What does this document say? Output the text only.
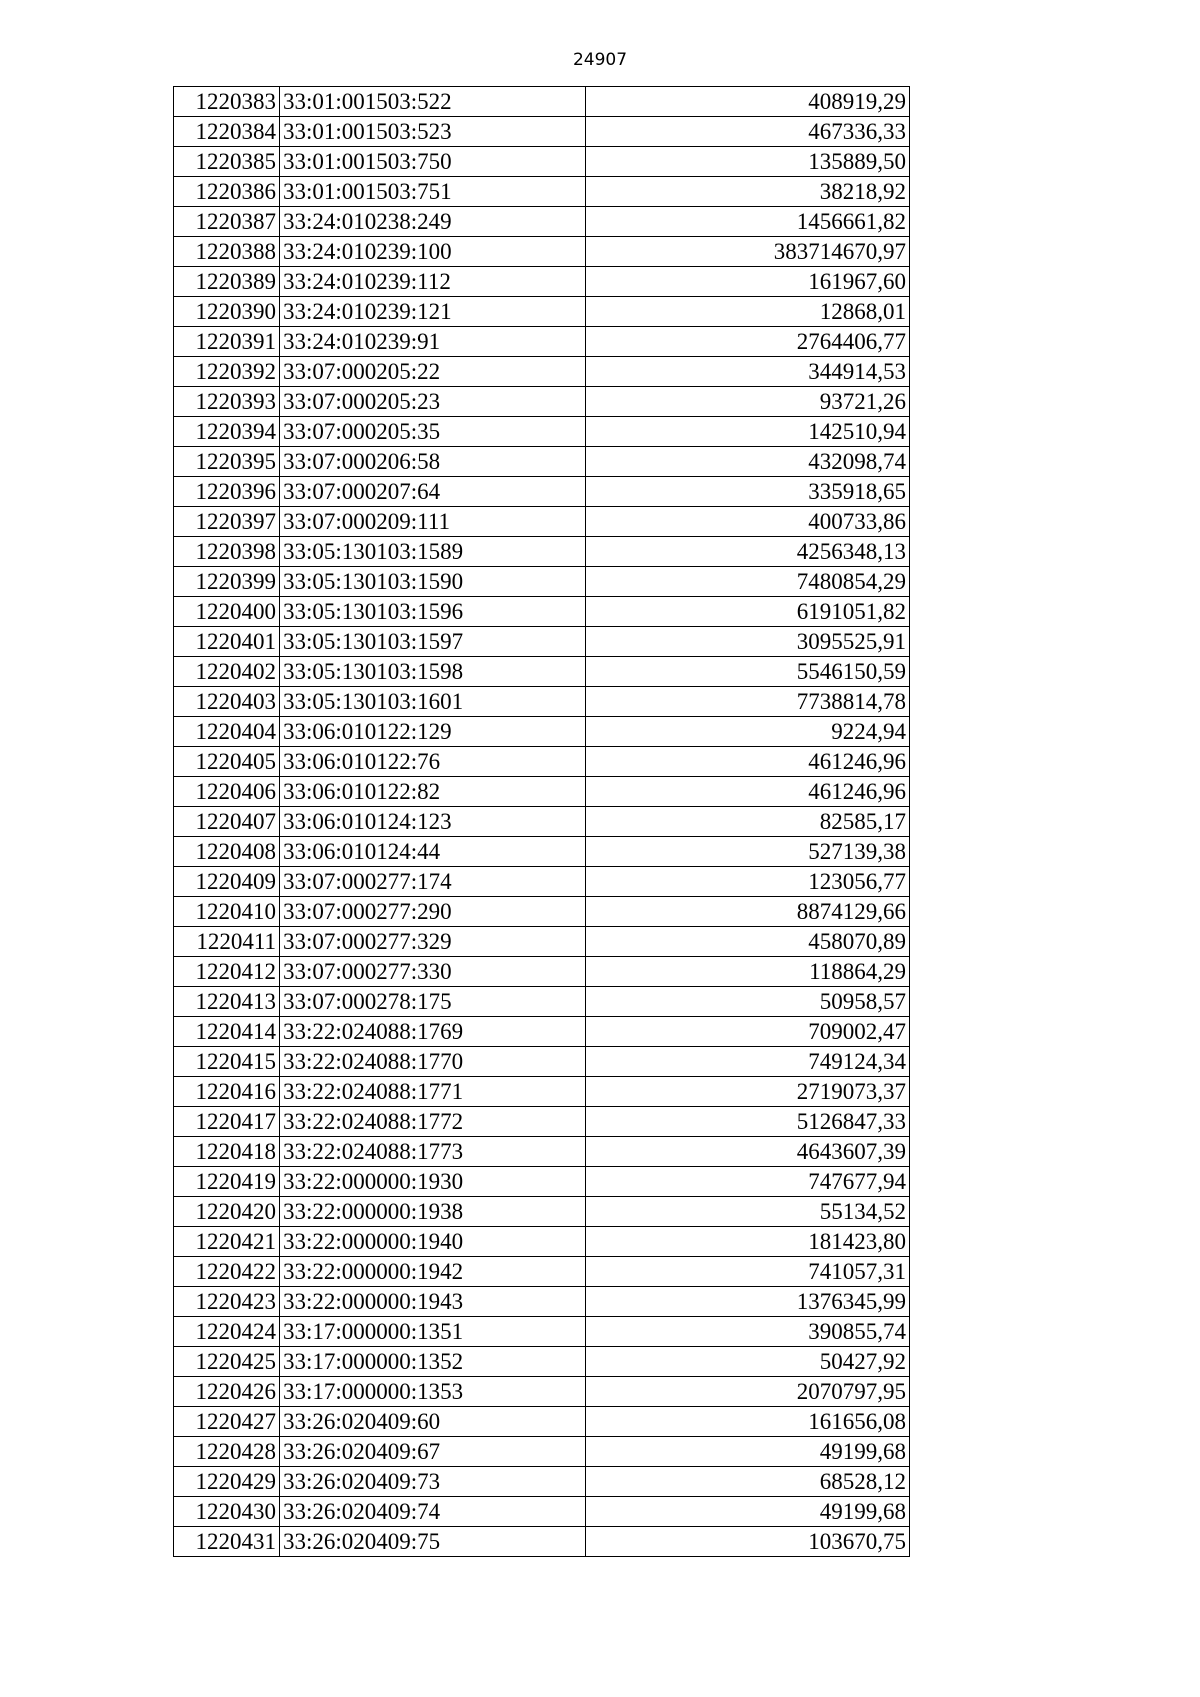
24907
1220383	33:01:001503:522	408919,29
1220384	33:01:001503:523	467336,33
1220385	33:01:001503:750	135889,50
1220386	33:01:001503:751	38218,92
1220387	33:24:010238:249	1456661,82
1220388	33:24:010239:100	383714670,97
1220389	33:24:010239:112	161967,60
1220390	33:24:010239:121	12868,01
1220391	33:24:010239:91	2764406,77
1220392	33:07:000205:22	344914,53
1220393	33:07:000205:23	93721,26
1220394	33:07:000205:35	142510,94
1220395	33:07:000206:58	432098,74
1220396	33:07:000207:64	335918,65
1220397	33:07:000209:111	400733,86
1220398	33:05:130103:1589	4256348,13
1220399	33:05:130103:1590	7480854,29
1220400	33:05:130103:1596	6191051,82
1220401	33:05:130103:1597	3095525,91
1220402	33:05:130103:1598	5546150,59
1220403	33:05:130103:1601	7738814,78
1220404	33:06:010122:129	9224,94
1220405	33:06:010122:76	461246,96
1220406	33:06:010122:82	461246,96
1220407	33:06:010124:123	82585,17
1220408	33:06:010124:44	527139,38
1220409	33:07:000277:174	123056,77
1220410	33:07:000277:290	8874129,66
1220411	33:07:000277:329	458070,89
1220412	33:07:000277:330	118864,29
1220413	33:07:000278:175	50958,57
1220414	33:22:024088:1769	709002,47
1220415	33:22:024088:1770	749124,34
1220416	33:22:024088:1771	2719073,37
1220417	33:22:024088:1772	5126847,33
1220418	33:22:024088:1773	4643607,39
1220419	33:22:000000:1930	747677,94
1220420	33:22:000000:1938	55134,52
1220421	33:22:000000:1940	181423,80
1220422	33:22:000000:1942	741057,31
1220423	33:22:000000:1943	1376345,99
1220424	33:17:000000:1351	390855,74
1220425	33:17:000000:1352	50427,92
1220426	33:17:000000:1353	2070797,95
1220427	33:26:020409:60	161656,08
1220428	33:26:020409:67	49199,68
1220429	33:26:020409:73	68528,12
1220430	33:26:020409:74	49199,68
1220431	33:26:020409:75	103670,75
